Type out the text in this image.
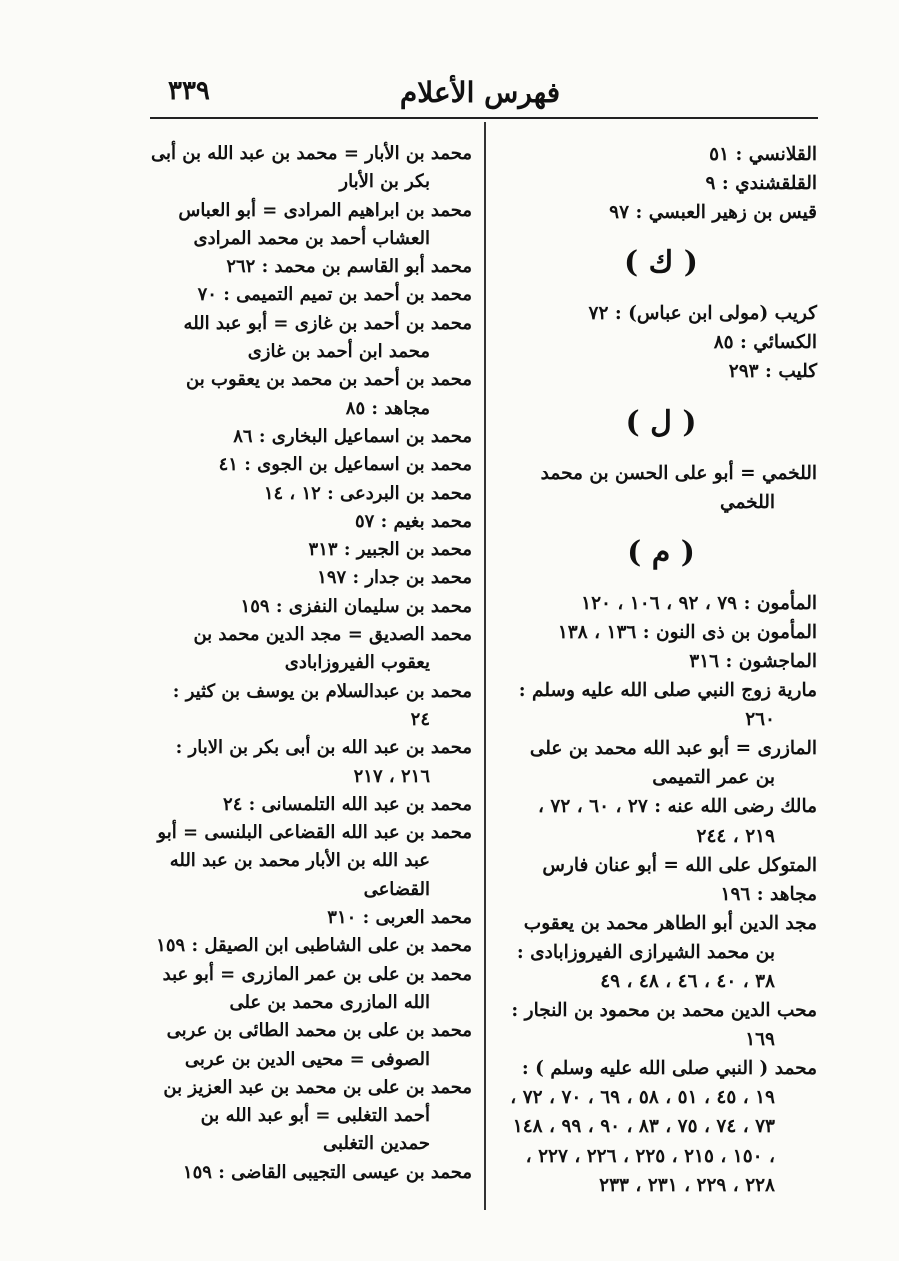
٣٣٩	فهرس الأعلام

القلانسي : ٥١

القلقشندي : ٩

قيس بن زهير العبسي : ٩٧

( ك )

كريب (مولى ابن عباس) : ٧٢

الكسائي : ٨٥

كليب : ٢٩٣

( ل )

اللخمي = أبو على الحسن بن محمد اللخمي

( م )

المأمون : ٧٩ ، ٩٢ ، ١٠٦ ، ١٢٠

المأمون بن ذى النون : ١٣٦ ، ١٣٨

الماجشون : ٣١٦

مارية زوج النبي صلى الله عليه وسلم : ٢٦٠

المازرى = أبو عبد الله محمد بن على بن عمر التميمى

مالك رضى الله عنه : ٢٧ ، ٦٠ ، ٧٢ ، ٢١٩ ، ٢٤٤

المتوكل على الله = أبو عنان فارس

مجاهد : ١٩٦

مجد الدين أبو الطاهر محمد بن يعقوب بن محمد الشيرازى الفيروزابادى : ٣٨ ، ٤٠ ، ٤٦ ، ٤٨ ، ٤٩

محب الدين محمد بن محمود بن النجار : ١٦٩

محمد ( النبي صلى الله عليه وسلم ) : ١٩ ، ٤٥ ، ٥١ ، ٥٨ ، ٦٩ ، ٧٠ ، ٧٢ ، ٧٣ ، ٧٤ ، ٧٥ ، ٨٣ ، ٩٠ ، ٩٩ ، ١٤٨ ، ١٥٠ ، ٢١٥ ، ٢٢٥ ، ٢٢٦ ، ٢٢٧ ، ٢٢٨ ، ٢٢٩ ، ٢٣١ ، ٢٣٣

محمد بن الأبار = محمد بن عبد الله بن أبى بكر بن الأبار

محمد بن ابراهيم المرادى = أبو العباس العشاب أحمد بن محمد المرادى

محمد أبو القاسم بن محمد : ٢٦٢

محمد بن أحمد بن تميم التميمى : ٧٠

محمد بن أحمد بن غازى = أبو عبد الله محمد ابن أحمد بن غازى

محمد بن أحمد بن محمد بن يعقوب بن مجاهد : ٨٥

محمد بن اسماعيل البخارى : ٨٦

محمد بن اسماعيل بن الجوى : ٤١

محمد بن البردعى : ١٢ ، ١٤

محمد بغيم : ٥٧

محمد بن الجبير : ٣١٣

محمد بن جدار : ١٩٧

محمد بن سليمان النفزى : ١٥٩

محمد الصديق = مجد الدين محمد بن يعقوب الفيروزابادى

محمد بن عبدالسلام بن يوسف بن كثير : ٢٤

محمد بن عبد الله بن أبى بكر بن الابار : ٢١٦ ، ٢١٧

محمد بن عبد الله التلمسانى : ٢٤

محمد بن عبد الله القضاعى البلنسى = أبو عبد الله بن الأبار محمد بن عبد الله القضاعى

محمد العربى : ٣١٠

محمد بن على الشاطبى ابن الصيقل : ١٥٩

محمد بن على بن عمر المازرى = أبو عبد الله المازرى محمد بن على

محمد بن على بن محمد الطائى بن عربى الصوفى = محيى الدين بن عربى

محمد بن على بن محمد بن عبد العزيز بن أحمد التغلبى = أبو عبد الله بن حمدين التغلبى

محمد بن عيسى التجيبى القاضى : ١٥٩
